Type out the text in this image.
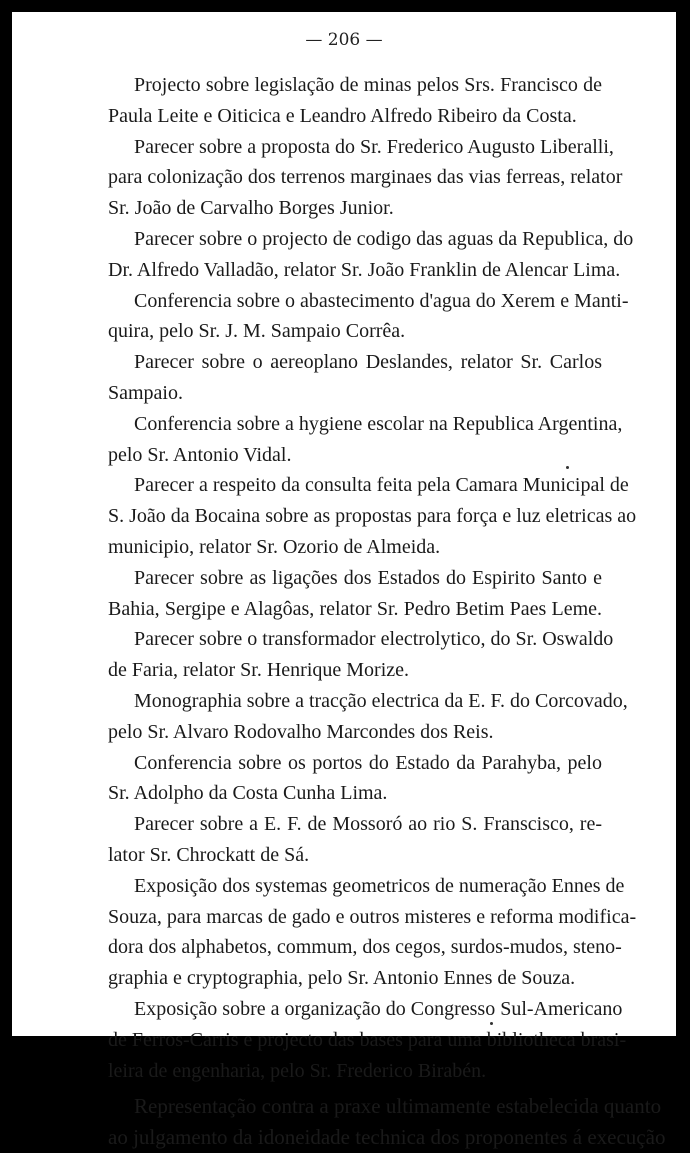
— 206 —
Projecto sobre legislação de minas pelos Srs. Francisco de
Paula Leite e Oiticica e Leandro Alfredo Ribeiro da Costa.
Parecer sobre a proposta do Sr. Frederico Augusto Liberalli,
para colonização dos terrenos marginaes das vias ferreas, relator
Sr. João de Carvalho Borges Junior.
Parecer sobre o projecto de codigo das aguas da Republica, do
Dr. Alfredo Valladão, relator Sr. João Franklin de Alencar Lima.
Conferencia sobre o abastecimento d'agua do Xerem e Manti-
quira, pelo Sr. J. M. Sampaio Corrêa.
Parecer sobre o aereoplano Deslandes, relator Sr. Carlos
Sampaio.
Conferencia sobre a hygiene escolar na Republica Argentina,
pelo Sr. Antonio Vidal.
Parecer a respeito da consulta feita pela Camara Municipal de
S. João da Bocaina sobre as propostas para força e luz eletricas ao
municipio, relator Sr. Ozorio de Almeida.
Parecer sobre as ligações dos Estados do Espirito Santo e
Bahia, Sergipe e Alagôas, relator Sr. Pedro Betim Paes Leme.
Parecer sobre o transformador electrolytico, do Sr. Oswaldo
de Faria, relator Sr. Henrique Morize.
Monographia sobre a tracção electrica da E. F. do Corcovado,
pelo Sr. Alvaro Rodovalho Marcondes dos Reis.
Conferencia sobre os portos do Estado da Parahyba, pelo
Sr. Adolpho da Costa Cunha Lima.
Parecer sobre a E. F. de Mossoró ao rio S. Franscisco, re-
lator Sr. Chrockatt de Sá.
Exposição dos systemas geometricos de numeração Ennes de
Souza, para marcas de gado e outros misteres e reforma modifica-
dora dos alphabetos, commum, dos cegos, surdos-mudos, steno-
graphia e cryptographia, pelo Sr. Antonio Ennes de Souza.
Exposição sobre a organização do Congresso Sul-Americano
de Ferros-Carris e projecto das bases para uma bibliotheca brasi-
leira de engenharia, pelo Sr. Frederico Birabén.
Representação contra a praxe ultimamente estabelecida quanto
ao julgamento da idoneidade technica dos proponentes á execução
